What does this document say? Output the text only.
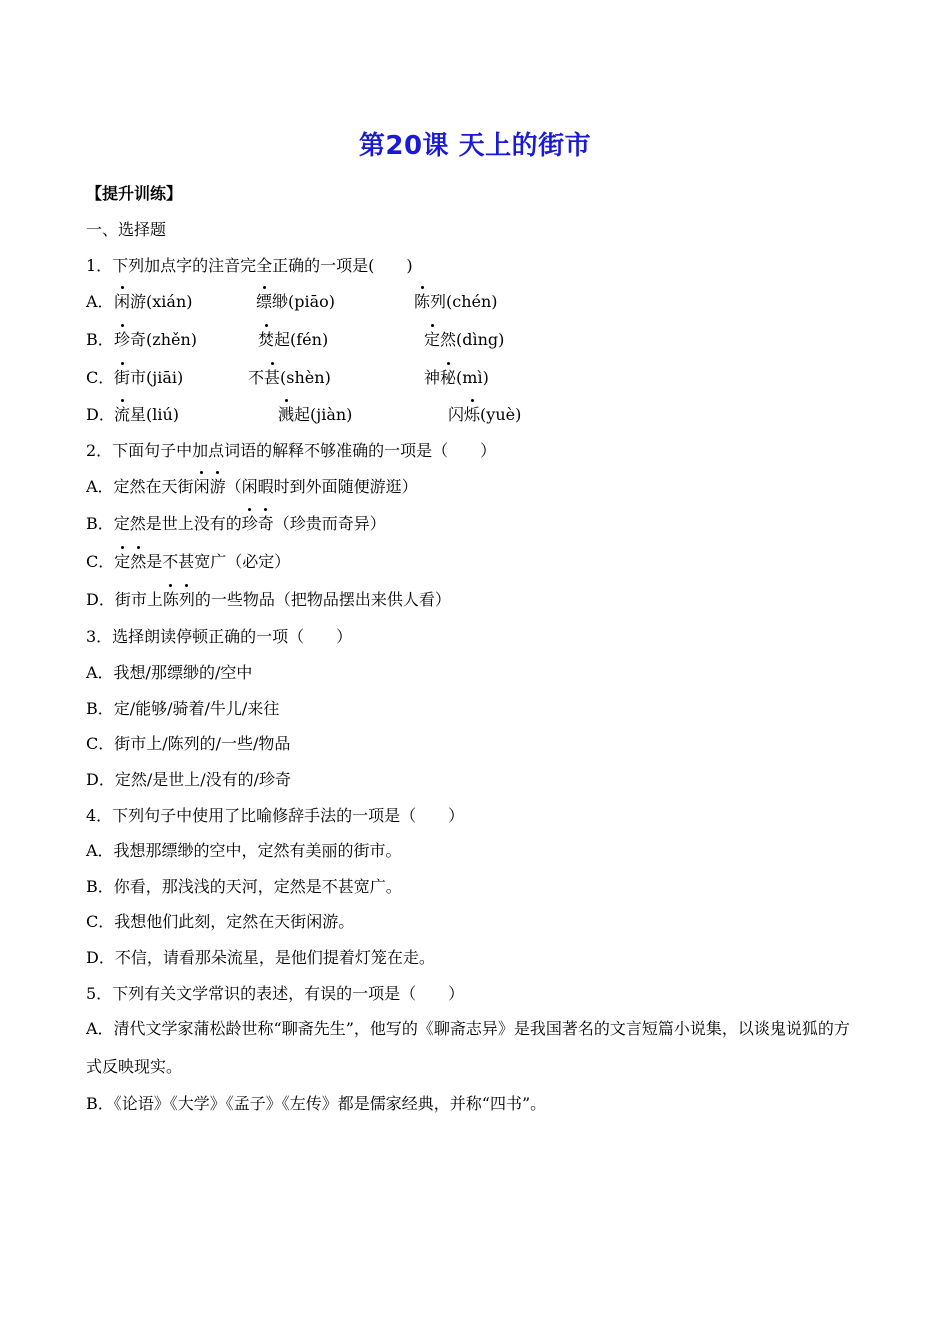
第20课 天上的街市
【提升训练】
一、选择题
1．下列加点字的注音完全正确的一项是(　　)
A． 闲游(xián)	缥缈(piāo)	陈列(chén)
B． 珍奇(zhěn)	焚起(fén)	定然(dìng)
C． 街市(jiāi)	不甚(shèn)	神秘(mì)
D． 流星(liú)	溅起(jiàn)	闪烁(yuè)
2．下面句子中加点词语的解释不够准确的一项是（　　）
A．定然在天街闲游（闲暇时到外面随便游逛）
B．定然是世上没有的珍奇（珍贵而奇异）
C．定然是不甚宽广（必定）
D．街市上陈列的一些物品（把物品摆出来供人看）
3．选择朗读停顿正确的一项（　　）
A．我想/那缥缈的/空中
B．定/能够/骑着/牛儿/来往
C．街市上/陈列的/一些/物品
D．定然/是世上/没有的/珍奇
4．下列句子中使用了比喻修辞手法的一项是（　　）
A．我想那缥缈的空中，定然有美丽的街市。
B．你看，那浅浅的天河，定然是不甚宽广。
C．我想他们此刻，定然在天街闲游。
D．不信，请看那朵流星，是他们提着灯笼在走。
5．下列有关文学常识的表述，有误的一项是（　　）
A．清代文学家蒲松龄世称“聊斋先生”，他写的《聊斋志异》是我国著名的文言短篇小说集，以谈鬼说狐的方式反映现实。
B．《论语》《大学》《孟子》《左传》都是儒家经典，并称“四书”。
